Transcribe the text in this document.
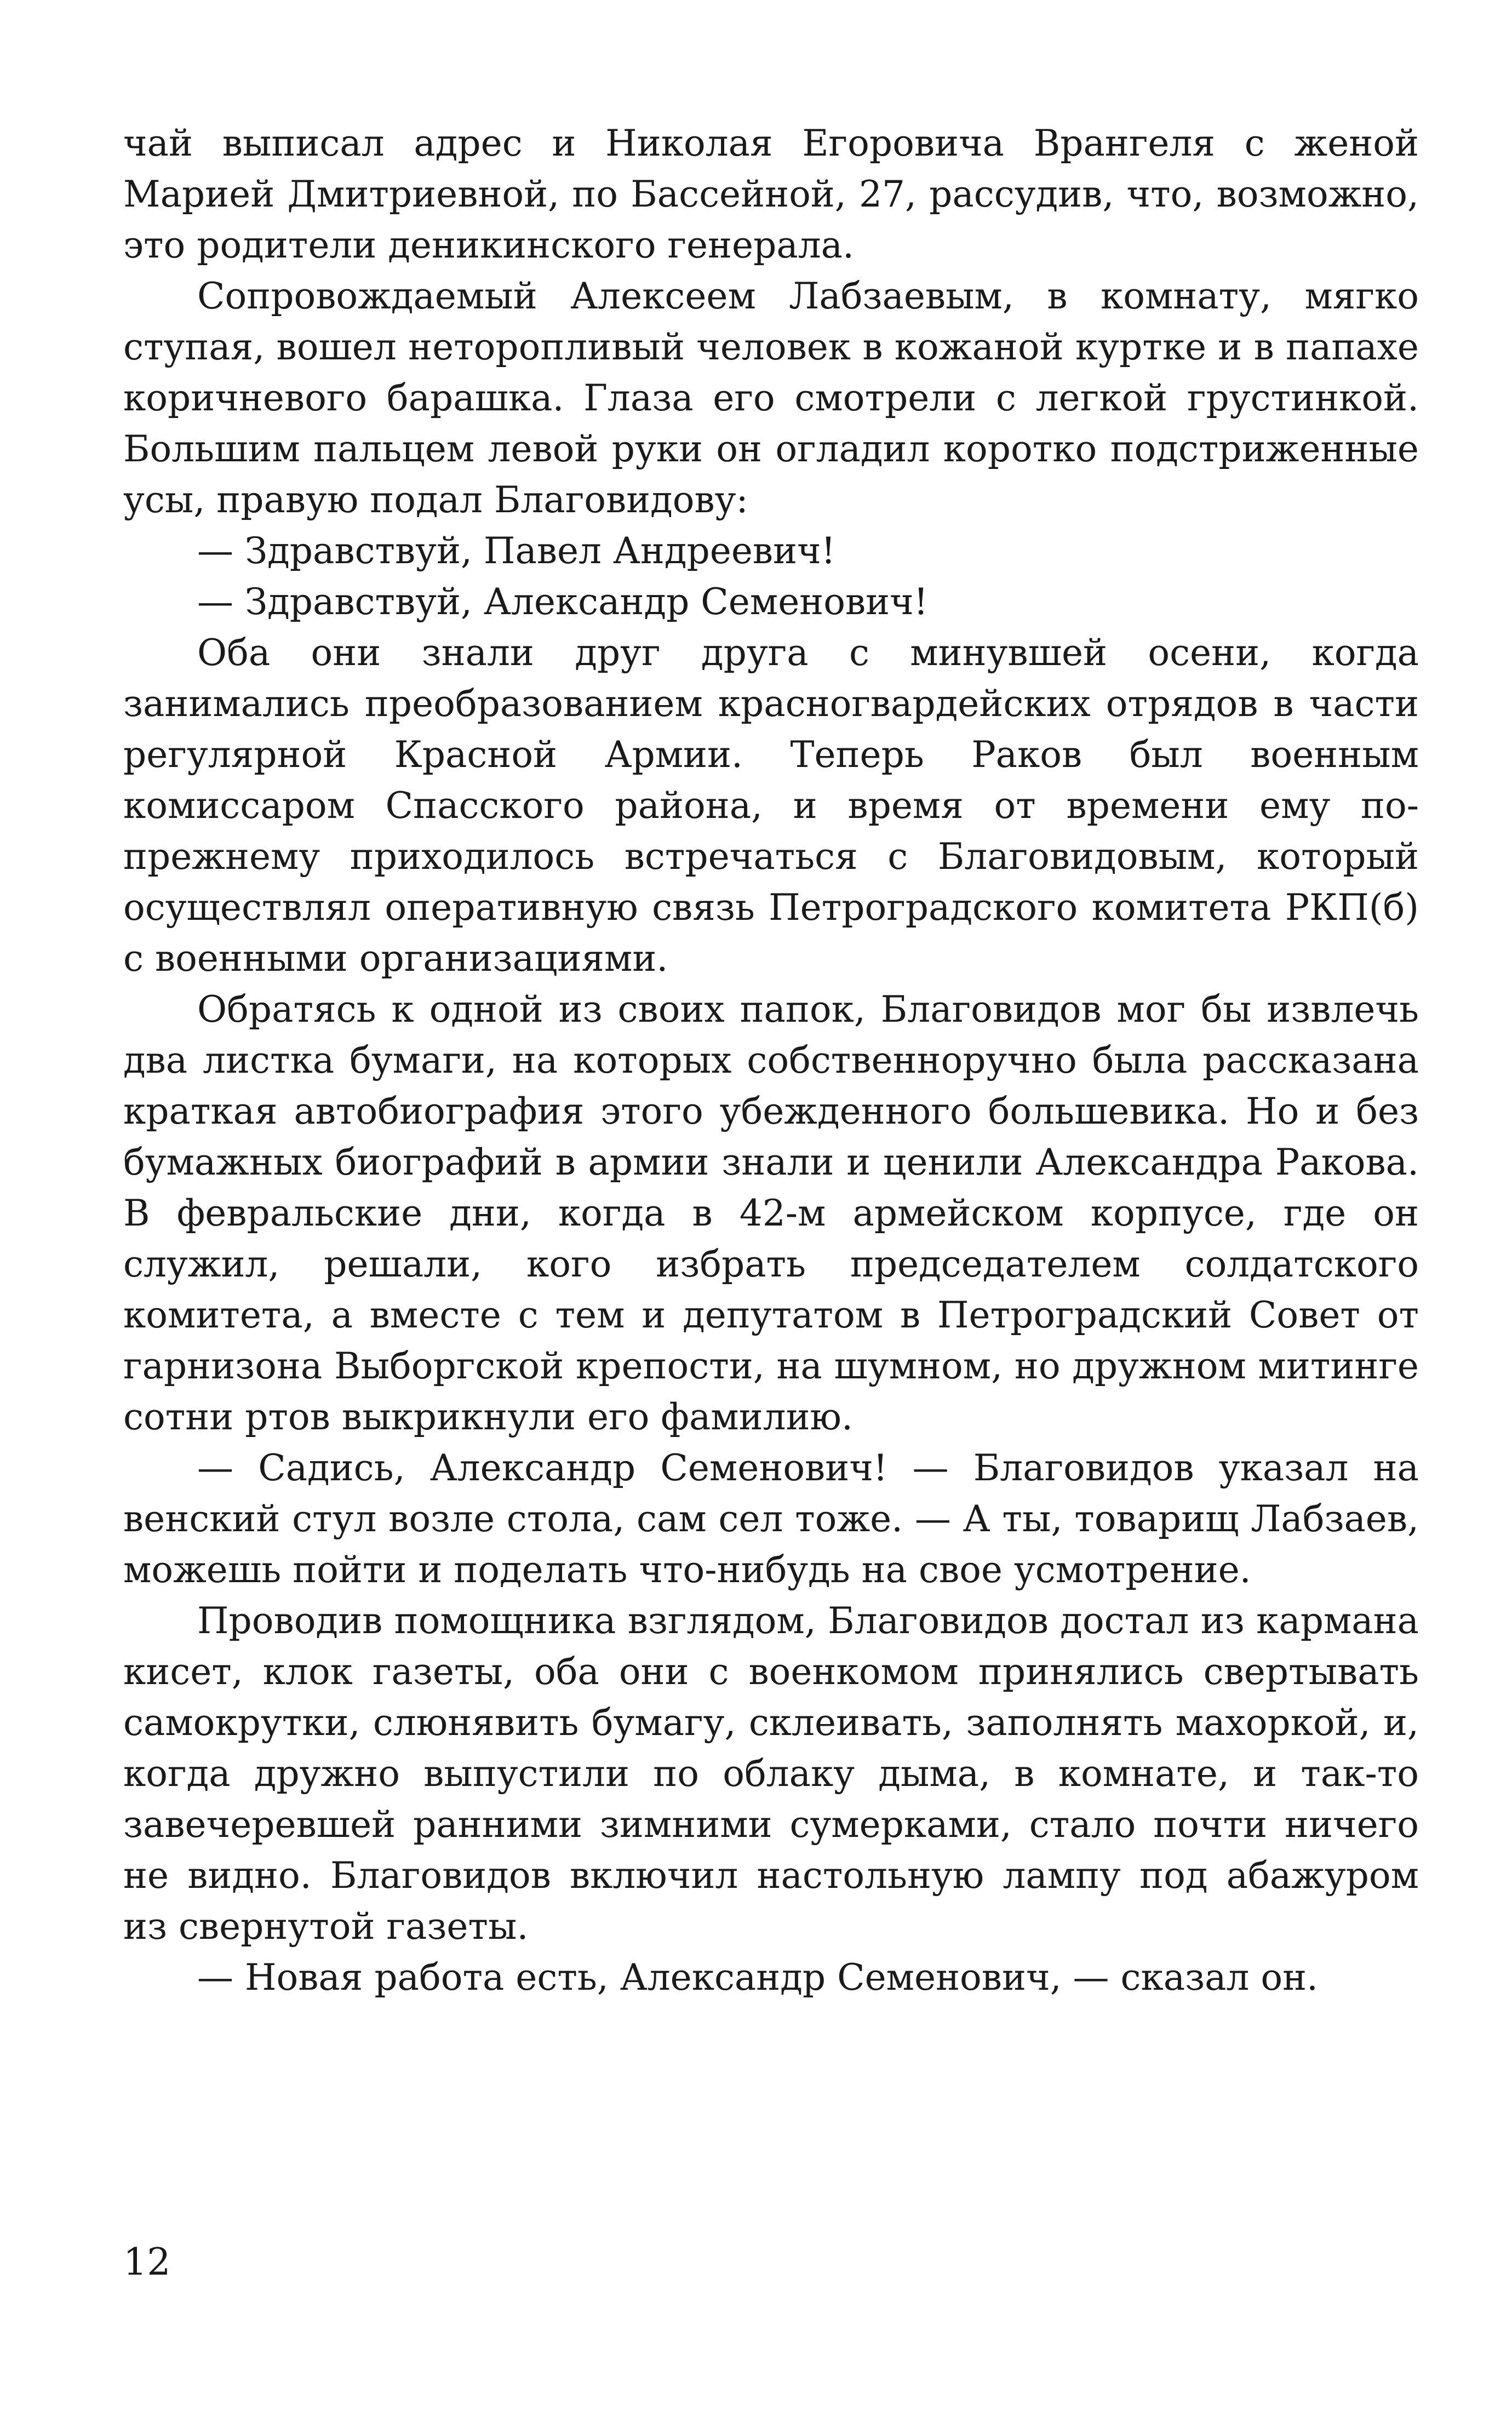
чай выписал адрес и Николая Егоровича Врангеля с женой Марией Дмитриевной, по Бассейной, 27, рассудив, что, возможно, это родители деникинского генерала.

Сопровождаемый Алексеем Лабзаевым, в комнату, мягко ступая, вошел неторопливый человек в кожаной куртке и в папахе коричневого барашка. Глаза его смотрели с легкой грустинкой. Большим пальцем левой руки он огладил коротко подстриженные усы, правую подал Благовидову:

— Здравствуй, Павел Андреевич!

— Здравствуй, Александр Семенович!

Оба они знали друг друга с минувшей осени, когда занимались преобразованием красногвардейских отрядов в части регулярной Красной Армии. Теперь Раков был военным комиссаром Спасского района, и время от времени ему по-прежнему приходилось встречаться с Благовидовым, который осуществлял оперативную связь Петроградского комитета РКП(б) с военными организациями.

Обратясь к одной из своих папок, Благовидов мог бы извлечь два листка бумаги, на которых собственноручно была рассказана краткая автобиография этого убежденного большевика. Но и без бумажных биографий в армии знали и ценили Александра Ракова. В февральские дни, когда в 42-м армейском корпусе, где он служил, решали, кого избрать председателем солдатского комитета, а вместе с тем и депутатом в Петроградский Совет от гарнизона Выборгской крепости, на шумном, но дружном митинге сотни ртов выкрикнули его фамилию.

— Садись, Александр Семенович! — Благовидов указал на венский стул возле стола, сам сел тоже. — А ты, товарищ Лабзаев, можешь пойти и поделать что-нибудь на свое усмотрение.

Проводив помощника взглядом, Благовидов достал из кармана кисет, клок газеты, оба они с военкомом принялись свертывать самокрутки, слюнявить бумагу, склеивать, заполнять махоркой, и, когда дружно выпустили по облаку дыма, в комнате, и так-то завечеревшей ранними зимними сумерками, стало почти ничего не видно. Благовидов включил настольную лампу под абажуром из свернутой газеты.

— Новая работа есть, Александр Семенович, — сказал он.

12
